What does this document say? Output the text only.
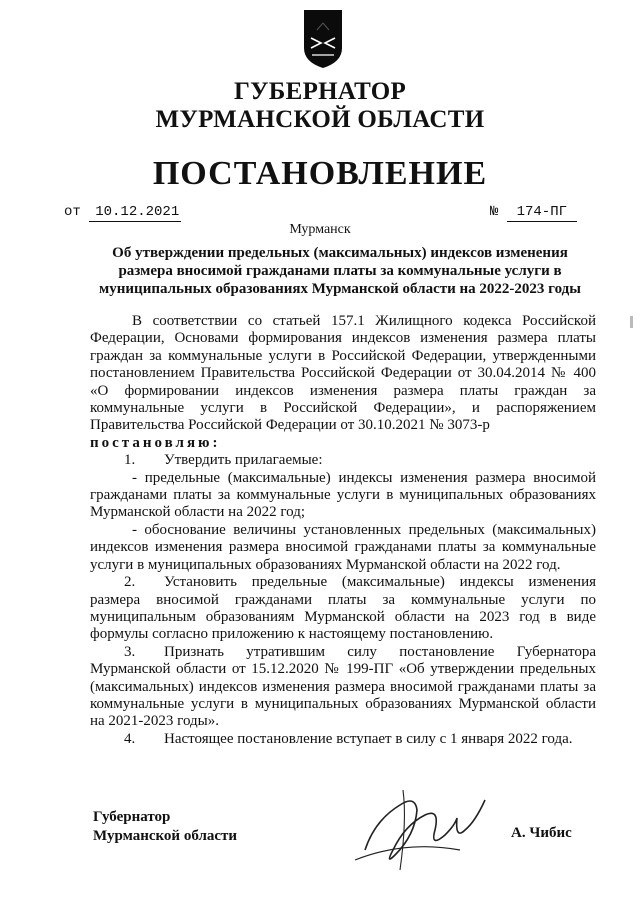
ГУБЕРНАТОР
МУРМАНСКОЙ ОБЛАСТИ
ПОСТАНОВЛЕНИЕ
от 10.12.2021	№ 174-ПГ
Мурманск
Об утверждении предельных (максимальных) индексов изменения размера вносимой гражданами платы за коммунальные услуги в муниципальных образованиях Мурманской области на 2022-2023 годы

В соответствии со статьей 157.1 Жилищного кодекса Российской Федерации, Основами формирования индексов изменения размера платы граждан за коммунальные услуги в Российской Федерации, утвержденными постановлением Правительства Российской Федерации от 30.04.2014 № 400 «О формировании индексов изменения размера платы граждан за коммунальные услуги в Российской Федерации», и распоряжением Правительства Российской Федерации от 30.10.2021 № 3073-р

постановляю:

1. Утвердить прилагаемые:

- предельные (максимальные) индексы изменения размера вносимой гражданами платы за коммунальные услуги в муниципальных образованиях Мурманской области на 2022 год;

- обоснование величины установленных предельных (максимальных) индексов изменения размера вносимой гражданами платы за коммунальные услуги в муниципальных образованиях Мурманской области на 2022 год.

2. Установить предельные (максимальные) индексы изменения размера вносимой гражданами платы за коммунальные услуги по муниципальным образованиям Мурманской области на 2023 год в виде формулы согласно приложению к настоящему постановлению.

3. Признать утратившим силу постановление Губернатора Мурманской области от 15.12.2020 № 199-ПГ «Об утверждении предельных (максимальных) индексов изменения размера вносимой гражданами платы за коммунальные услуги в муниципальных образованиях Мурманской области на 2021-2023 годы».

4. Настоящее постановление вступает в силу с 1 января 2022 года.

Губернатор
Мурманской области	А. Чибис
